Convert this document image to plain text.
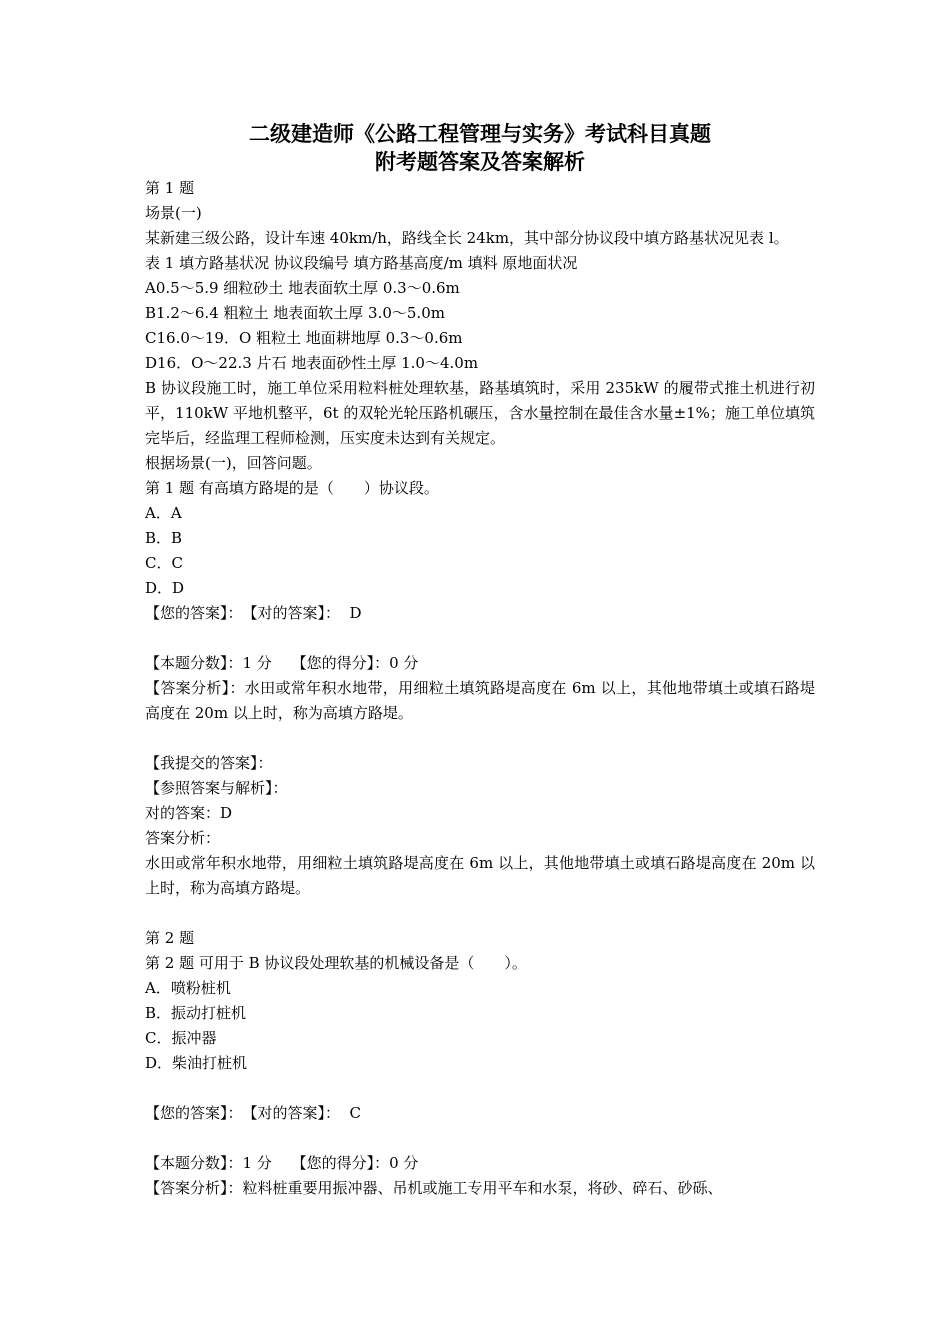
二级建造师《公路工程管理与实务》考试科目真题

附考题答案及答案解析

第 1 题

场景(一)

某新建三级公路，设计车速 40km/h，路线全长 24km，其中部分协议段中填方路基状况见表 l。

表 1 填方路基状况 协议段编号 填方路基高度/m 填料 原地面状况

A0.5～5.9 细粒砂土 地表面软土厚 0.3～0.6m

B1.2～6.4 粗粒土 地表面软土厚 3.0～5.0m

C16.0～19．O 粗粒土 地面耕地厚 0.3～0.6m

D16．O～22.3 片石 地表面砂性土厚 1.0～4.0m

B 协议段施工时，施工单位采用粒料桩处理软基，路基填筑时，采用 235kW 的履带式推土机进行初平，110kW 平地机整平，6t 的双轮光轮压路机碾压，含水量控制在最佳含水量±1%；施工单位填筑完毕后，经监理工程师检测，压实度未达到有关规定。

根据场景(一)，回答问题。

第 1 题 有高填方路堤的是（　　）协议段。

A．A

B．B

C．C

D．D

【您的答案】：　【对的答案】：  D

【本题分数】：1 分　 【您的得分】：0 分

【答案分析】：水田或常年积水地带，用细粒土填筑路堤高度在 6m 以上，其他地带填土或填石路堤高度在 20m 以上时，称为高填方路堤。

【我提交的答案】：

【参照答案与解析】：

对的答案：D

答案分析：

水田或常年积水地带，用细粒土填筑路堤高度在 6m 以上，其他地带填土或填石路堤高度在 20m 以上时，称为高填方路堤。

第 2 题

第 2 题 可用于 B 协议段处理软基的机械设备是（　　）。

A．喷粉桩机

B．振动打桩机

C．振冲器

D．柴油打桩机

【您的答案】：　【对的答案】：  C

【本题分数】：1 分　 【您的得分】：0 分

【答案分析】：粒料桩重要用振冲器、吊机或施工专用平车和水泵，将砂、碎石、砂砾、
